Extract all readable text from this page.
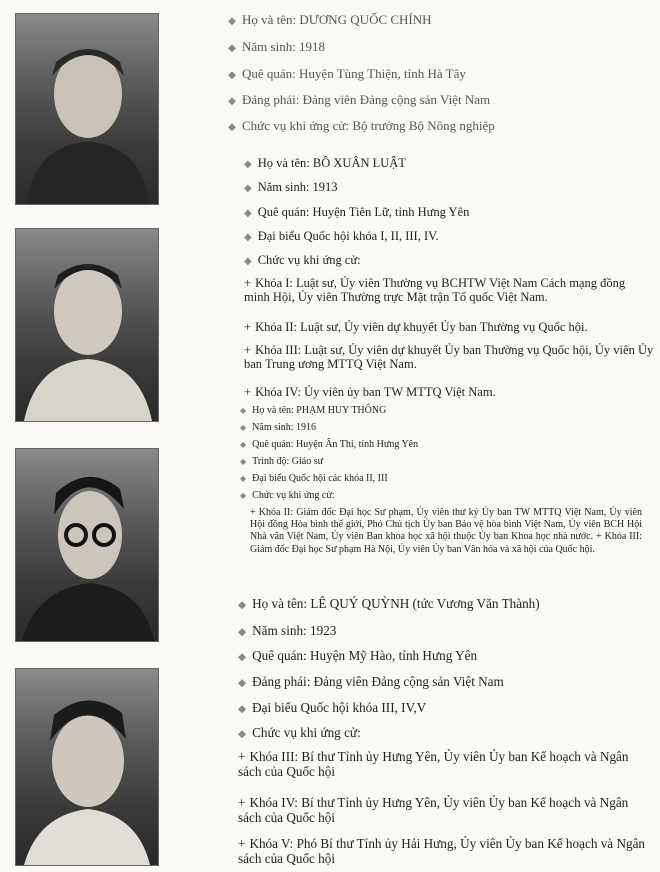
◆ Họ và tên: DƯƠNG QUỐC CHÍNH
◆ Năm sinh: 1918
◆ Quê quán: Huyện Tùng Thiện, tỉnh Hà Tây
◆ Đảng phái: Đảng viên Đảng cộng sản Việt Nam
◆ Chức vụ khi ứng cử: Bộ trưởng Bộ Nông nghiệp
◆ Họ và tên: BỒ XUÂN LUẬT
◆ Năm sinh: 1913
◆ Quê quán: Huyện Tiên Lữ, tỉnh Hưng Yên
◆ Đại biểu Quốc hội khóa I, II, III, IV.
◆ Chức vụ khi ứng cử:
+ Khóa I: Luật sư, Ủy viên Thường vụ BCHTW Việt Nam Cách mạng đồng minh Hội, Ủy viên Thường trực Mặt trận Tổ quốc Việt Nam.
+ Khóa II: Luật sư, Ủy viên dự khuyết Ủy ban Thường vụ Quốc hội.
+ Khóa III: Luật sư, Ủy viên dự khuyết Ủy ban Thường vụ Quốc hội, Ủy viên Ủy ban Trung ương MTTQ Việt Nam.
+ Khóa IV: Ủy viên ủy ban TW MTTQ Việt Nam.
◆ Họ và tên: PHẠM HUY THÔNG
◆ Năm sinh: 1916
◆ Quê quán: Huyện Ân Thi, tỉnh Hưng Yên
◆ Trình độ: Giáo sư
◆ Đại biểu Quốc hội các khóa II, III
◆ Chức vụ khi ứng cử:
+ Khóa II: Giám đốc Đại học Sư phạm, Ủy viên thư ký Ủy ban TW MTTQ Việt Nam, Ủy viên Hội đồng Hòa bình thế giới, Phó Chủ tịch Ủy ban Bảo vệ hòa bình Việt Nam, Ủy viên BCH Hội Nhà văn Việt Nam, Ủy viên Ban khoa học xã hội thuộc Ủy ban Khoa học nhà nước. + Khóa III: Giám đốc Đại học Sư phạm Hà Nội, Ủy viên Ủy ban Văn hóa và xã hội của Quốc hội.
◆ Họ và tên: LÊ QUÝ QUỲNH (tức Vương Văn Thành)
◆ Năm sinh: 1923
◆ Quê quán: Huyện Mỹ Hào, tỉnh Hưng Yên
◆ Đảng phái: Đảng viên Đảng cộng sản Việt Nam
◆ Đại biểu Quốc hội khóa III, IV,V
◆ Chức vụ khi ứng cử:
+ Khóa III: Bí thư Tỉnh ủy Hưng Yên, Ủy viên Ủy ban Kế hoạch và Ngân sách của Quốc hội
+ Khóa IV: Bí thư Tỉnh ủy Hưng Yên, Ủy viên Ủy ban Kế hoạch và Ngân sách của Quốc hội
+ Khóa V: Phó Bí thư Tỉnh ủy Hải Hưng, Ủy viên Ủy ban Kế hoạch và Ngân sách của Quốc hội
